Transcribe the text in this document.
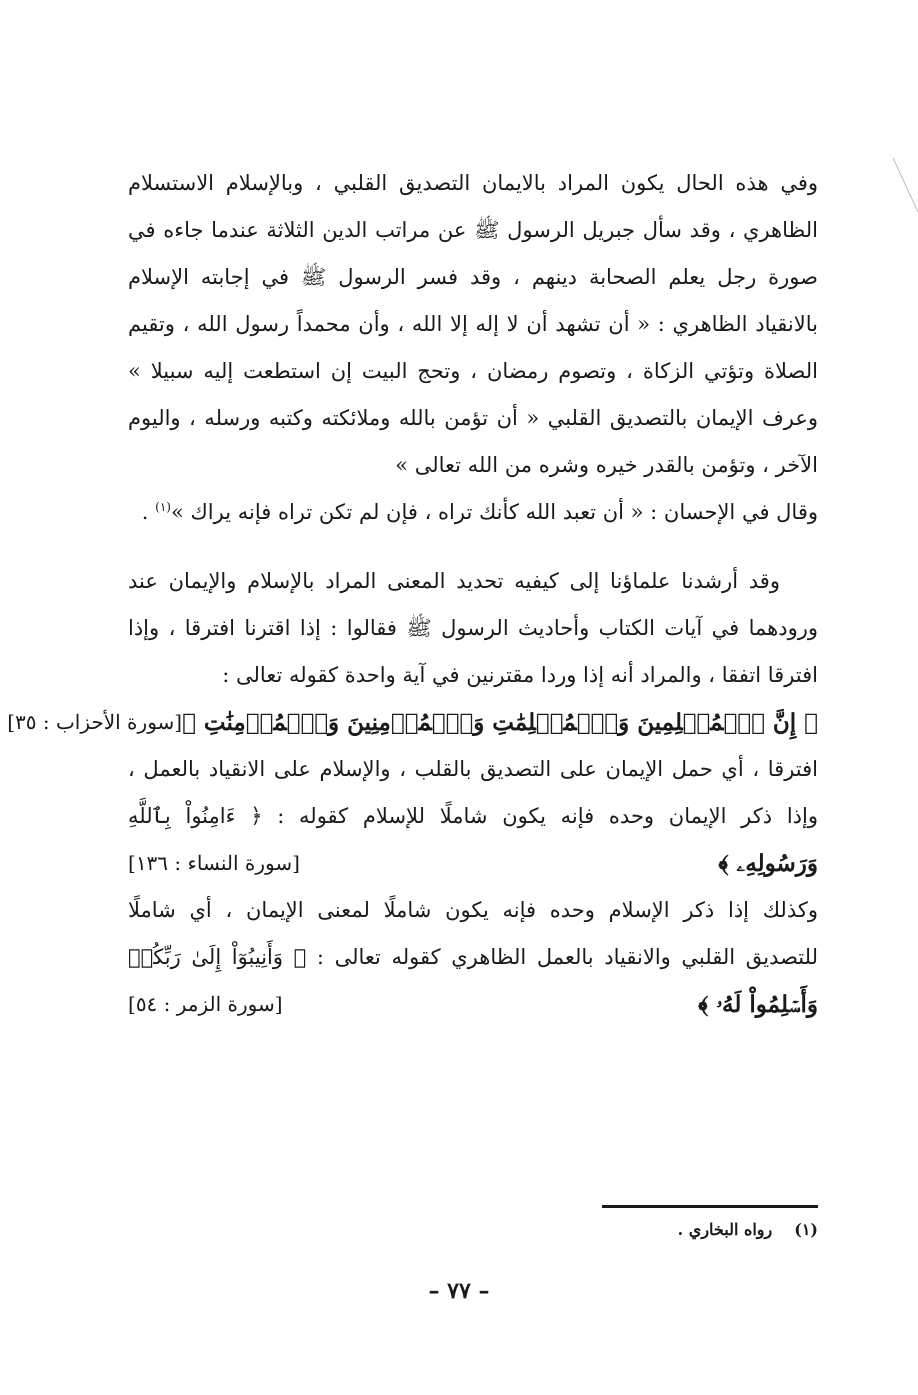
وفي هذه الحال يكون المراد بالايمان التصديق القلبي ، وبالإسلام الاستسلام
الظاهري ، وقد سأل جبريل الرسول ﷺ عن مراتب الدين الثلاثة عندما جاءه في
صورة رجل يعلم الصحابة دينهم ، وقد فسر الرسول ﷺ في إجابته الإسلام
بالانقياد الظاهري : « أن تشهد أن لا إله إلا الله ، وأن محمداً رسول الله ، وتقيم
الصلاة وتؤتي الزكاة ، وتصوم رمضان ، وتحج البيت إن استطعت إليه سبيلا »
وعرف الإيمان بالتصديق القلبي « أن تؤمن بالله وملائكته وكتبه ورسله ، واليوم
الآخر ، وتؤمن بالقدر خيره وشره من الله تعالى »
وقال في الإحسان : « أن تعبد الله كأنك تراه ، فإن لم تكن تراه فإنه يراك »$^{(١)}$ .
وقد أرشدنا علماؤنا إلى كيفيه تحديد المعنى المراد بالإسلام والإيمان عند
ورودهما في آيات الكتاب وأحاديث الرسول ﷺ فقالوا : إذا اقترنا افترقا ، وإذا
افترقا اتفقا ، والمراد أنه إذا وردا مقترنين في آية واحدة كقوله تعالى :
﴿ إِنَّ ٱلۡمُسۡلِمِينَ وَٱلۡمُسۡلِمَٰتِ وَٱلۡمُؤۡمِنِينَ وَٱلۡمُؤۡمِنَٰتِ ﴾
[سورة الأحزاب : ٣٥]
افترقا ، أي حمل الإيمان على التصديق بالقلب ، والإسلام على الانقياد بالعمل ،
وإذا ذكر الإيمان وحده فإنه يكون شاملًا للإسلام كقوله : ﴿ ءَامِنُواْ بِٱللَّهِ
وَرَسُولِهِۦ ﴾
[سورة النساء : ١٣٦]
وكذلك إذا ذكر الإسلام وحده فإنه يكون شاملًا لمعنى الإيمان ، أي شاملًا
للتصديق القلبي والانقياد بالعمل الظاهري كقوله تعالى : ﴿ وَأَنِيبُوٓاْ إِلَىٰ رَبِّكُمۡ
وَأَسۡلِمُواْ لَهُۥ ﴾
[سورة الزمر : ٥٤]
(١)رواه البخاري .
– ٧٧ –
